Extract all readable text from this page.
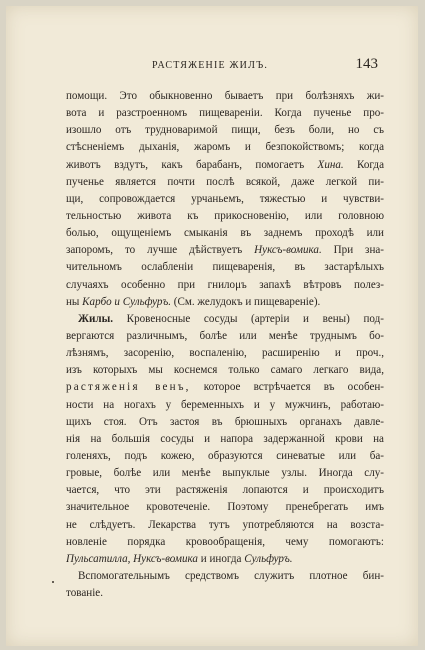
РАСТЯЖЕНІЕ ЖИЛЪ.	143
помощи. Это обыкновенно бываетъ при болѣзняхъ жи-
вота и разстроенномъ пищевареніи. Когда пученье про-
изошло отъ трудноваримой пищи, безъ боли, но съ
стѣсненіемъ дыханія, жаромъ и безпокойствомъ; когда
животъ вздутъ, какъ барабанъ, помогаетъ Хина. Когда
пученье является почти послѣ всякой, даже легкой пи-
щи, сопровождается урчаньемъ, тяжестью и чувстви-
тельностью живота къ прикосновенію, или головною
болью, ощущеніемъ смыканія въ заднемъ проходѣ или
запоромъ, то лучше дѣйствуетъ Нуксъ-вомика. При зна-
чительномъ ослабленіи пищеваренія, въ застарѣлыхъ
случаяхъ особенно при гнилομъ запахѣ вѣтровъ полез-
ны Карбо и Сульфуръ. (См. желудокъ и пищевареніе).
Жилы. Кровеносные сосуды (артеріи и вены) под-
вергаются различнымъ, болѣе или менѣе труднымъ бо-
лѣзнямъ, засоренію, воспаленію, расширенію и проч.,
изъ которыхъ мы коснемся только самаго легкаго вида,
растяженія венъ, которое встрѣчается въ особен-
ности на ногахъ у беременныхъ и у мужчинъ, работаю-
щихъ стоя. Отъ застоя въ брюшныхъ органахъ давле-
нія на большія сосуды и напора задержанной крови на
голеняхъ, подъ кожею, образуются синеватые или ба-
гровые, болѣе или менѣе выпуклые узлы. Иногда слу-
чается, что эти растяженія лопаются и происходитъ
значительное кровотеченіе. Поэтому пренебрегать имъ
не слѣдуетъ. Лекарства тутъ употребляются на возста-
новленіе порядка кровообращенія, чему помогаютъ:
Пульсатилла, Нуксъ-вомика и иногда Сульфуръ.
Вспомогательнымъ средствомъ служитъ плотное бин-
тованіе.
